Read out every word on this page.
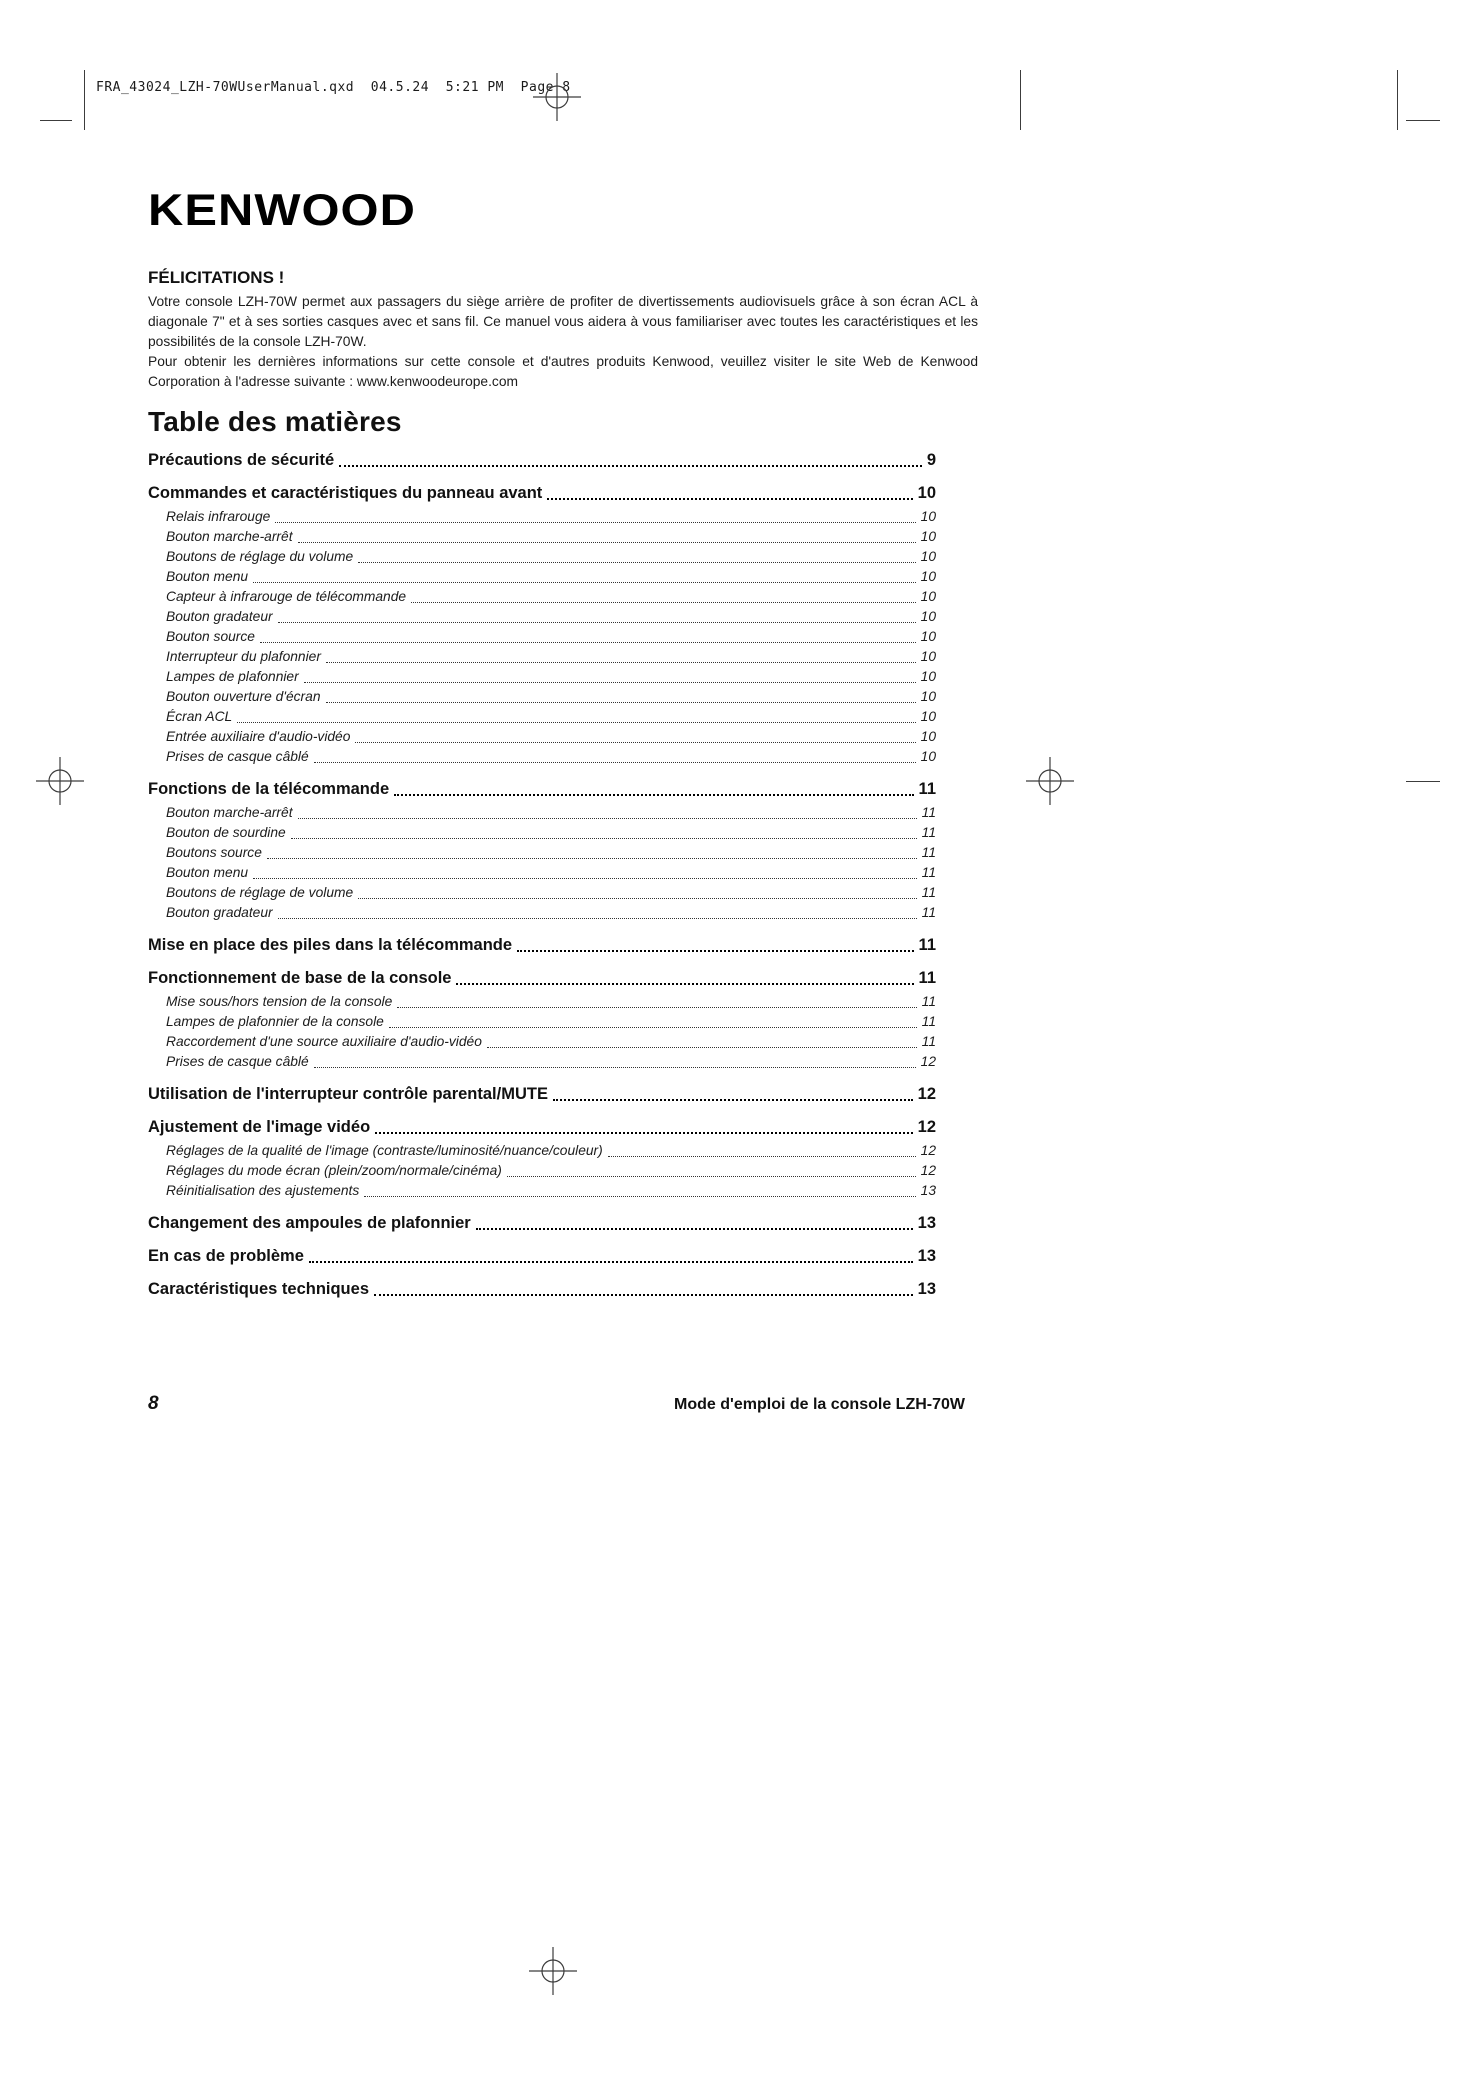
FRA_43024_LZH-70WUserManual.qxd  04.5.24  5:21 PM  Page 8
KENWOOD
FÉLICITATIONS !

Votre console LZH-70W permet aux passagers du siège arrière de profiter de divertissements audiovisuels grâce à son écran ACL à diagonale 7" et à ses sorties casques avec et sans fil. Ce manuel vous aidera à vous familiariser avec toutes les caractéristiques et les possibilités de la console LZH-70W.

Pour obtenir les dernières informations sur cette console et d'autres produits Kenwood, veuillez visiter le site Web de Kenwood Corporation à l'adresse suivante : www.kenwoodeurope.com

Table des matières
Précautions de sécurité	9
Commandes et caractéristiques du panneau avant	10
Relais infrarouge	10
Bouton marche-arrêt	10
Boutons de réglage du volume	10
Bouton menu	10
Capteur à infrarouge de télécommande	10
Bouton gradateur	10
Bouton source	10
Interrupteur du plafonnier	10
Lampes de plafonnier	10
Bouton ouverture d'écran	10
Écran ACL	10
Entrée auxiliaire d'audio-vidéo	10
Prises de casque câblé	10
Fonctions de la télécommande	11
Bouton marche-arrêt	11
Bouton de sourdine	11
Boutons source	11
Bouton menu	11
Boutons de réglage de volume	11
Bouton gradateur	11
Mise en place des piles dans la télécommande	11
Fonctionnement de base de la console	11
Mise sous/hors tension de la console	11
Lampes de plafonnier de la console	11
Raccordement d'une source auxiliaire d'audio-vidéo	11
Prises de casque câblé	12
Utilisation de l'interrupteur contrôle parental/MUTE	12
Ajustement de l'image vidéo	12
Réglages de la qualité de l'image (contraste/luminosité/nuance/couleur)	12
Réglages du mode écran (plein/zoom/normale/cinéma)	12
Réinitialisation des ajustements	13
Changement des ampoules de plafonnier	13
En cas de problème	13
Caractéristiques techniques	13
8	Mode d'emploi de la console LZH-70W
